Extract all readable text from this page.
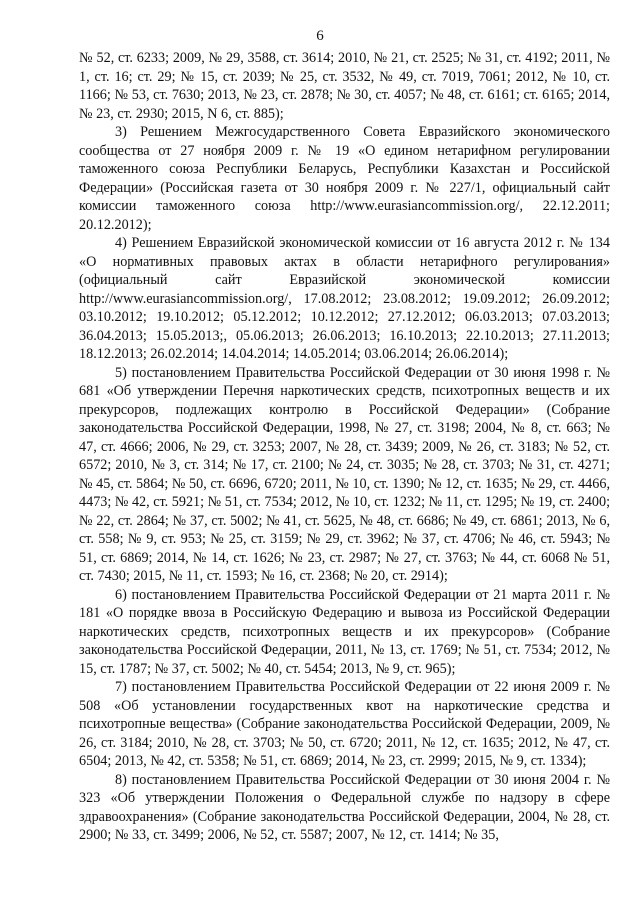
6

№ 52, ст. 6233; 2009, № 29, 3588, ст. 3614; 2010, № 21, ст. 2525; № 31, ст. 4192; 2011, № 1, ст. 16; ст. 29; № 15, ст. 2039; № 25, ст. 3532, № 49, ст. 7019, 7061; 2012, № 10, ст. 1166; № 53, ст. 7630; 2013, № 23, ст. 2878; № 30, ст. 4057; № 48, ст. 6161; ст. 6165; 2014, № 23, ст. 2930; 2015, N 6, ст. 885);

3) Решением Межгосударственного Совета Евразийского экономического сообщества от 27 ноября 2009 г. № 19 «О едином нетарифном регулировании таможенного союза Республики Беларусь, Республики Казахстан и Российской Федерации» (Российская газета от 30 ноября 2009 г. № 227/1, официальный сайт комиссии таможенного союза http://www.eurasiancommission.org/, 22.12.2011; 20.12.2012);

4) Решением Евразийской экономической комиссии от 16 августа 2012 г. № 134 «О нормативных правовых актах в области нетарифного регулирования» (официальный сайт Евразийской экономической комиссии http://www.eurasiancommission.org/, 17.08.2012; 23.08.2012; 19.09.2012; 26.09.2012; 03.10.2012; 19.10.2012; 05.12.2012; 10.12.2012; 27.12.2012; 06.03.2013; 07.03.2013; 36.04.2013; 15.05.2013;, 05.06.2013; 26.06.2013; 16.10.2013; 22.10.2013; 27.11.2013; 18.12.2013; 26.02.2014; 14.04.2014; 14.05.2014; 03.06.2014; 26.06.2014);

5) постановлением Правительства Российской Федерации от 30 июня 1998 г. № 681 «Об утверждении Перечня наркотических средств, психотропных веществ и их прекурсоров, подлежащих контролю в Российской Федерации» (Собрание законодательства Российской Федерации, 1998, № 27, ст. 3198; 2004, № 8, ст. 663; № 47, ст. 4666; 2006, № 29, ст. 3253; 2007, № 28, ст. 3439; 2009, № 26, ст. 3183; № 52, ст. 6572; 2010, № 3, ст. 314; № 17, ст. 2100; № 24, ст. 3035; № 28, ст. 3703; № 31, ст. 4271; № 45, ст. 5864; № 50, ст. 6696, 6720; 2011, № 10, ст. 1390; № 12, ст. 1635; № 29, ст. 4466, 4473; № 42, ст. 5921; № 51, ст. 7534; 2012, № 10, ст. 1232; № 11, ст. 1295; № 19, ст. 2400; № 22, ст. 2864; № 37, ст. 5002; № 41, ст. 5625, № 48, ст. 6686; № 49, ст. 6861; 2013, № 6, ст. 558; № 9, ст. 953; № 25, ст. 3159; № 29, ст. 3962; № 37, ст. 4706; № 46, ст. 5943; № 51, ст. 6869; 2014, № 14, ст. 1626; № 23, ст. 2987; № 27, ст. 3763; № 44, ст. 6068 № 51, ст. 7430; 2015, № 11, ст. 1593; № 16, ст. 2368; № 20, ст. 2914);

6) постановлением Правительства Российской Федерации от 21 марта 2011 г. № 181 «О порядке ввоза в Российскую Федерацию и вывоза из Российской Федерации наркотических средств, психотропных веществ и их прекурсоров» (Собрание законодательства Российской Федерации, 2011, № 13, ст. 1769; № 51, ст. 7534; 2012, № 15, ст. 1787; № 37, ст. 5002; № 40, ст. 5454; 2013, № 9, ст. 965);

7) постановлением Правительства Российской Федерации от 22 июня 2009 г. № 508 «Об установлении государственных квот на наркотические средства и психотропные вещества» (Собрание законодательства Российской Федерации, 2009, № 26, ст. 3184; 2010, № 28, ст. 3703; № 50, ст. 6720; 2011, № 12, ст. 1635; 2012, № 47, ст. 6504; 2013, № 42, ст. 5358; № 51, ст. 6869; 2014, № 23, ст. 2999; 2015, № 9, ст. 1334);

8) постановлением Правительства Российской Федерации от 30 июня 2004 г. № 323 «Об утверждении Положения о Федеральной службе по надзору в сфере здравоохранения» (Собрание законодательства Российской Федерации, 2004, № 28, ст. 2900; № 33, ст. 3499; 2006, № 52, ст. 5587; 2007, № 12, ст. 1414; № 35,
